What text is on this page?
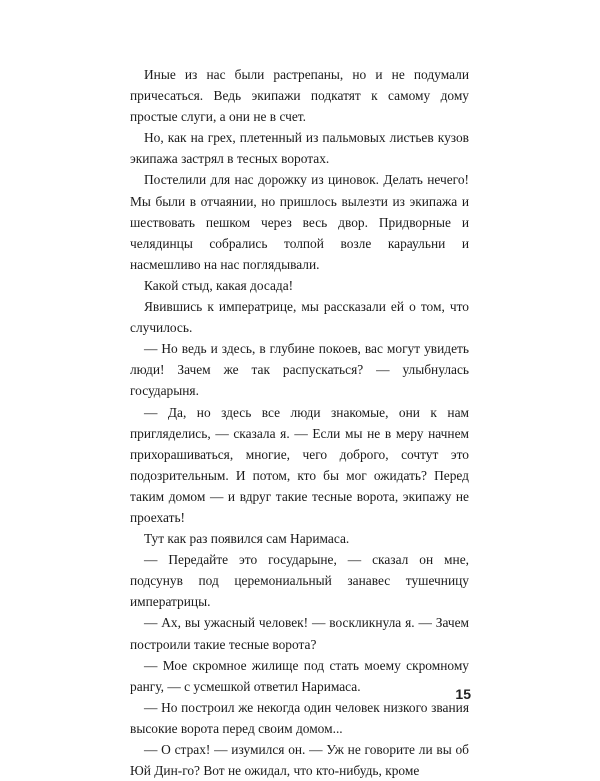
Иные из нас были растрепаны, но и не подумали причесаться. Ведь экипажи подкатят к самому дому простые слуги, а они не в счет.

Но, как на грех, плетенный из пальмовых листьев кузов экипажа застрял в тесных воротах.

Постелили для нас дорожку из циновок. Делать нечего! Мы были в отчаянии, но пришлось вылезти из экипажа и шествовать пешком через весь двор. Придворные и челядинцы собрались толпой возле караульни и насмешливо на нас поглядывали.

Какой стыд, какая досада!

Явившись к императрице, мы рассказали ей о том, что случилось.

— Но ведь и здесь, в глубине покоев, вас могут увидеть люди! Зачем же так распускаться? — улыбнулась государыня.

— Да, но здесь все люди знакомые, они к нам пригляделись, — сказала я. — Если мы не в меру начнем прихорашиваться, многие, чего доброго, сочтут это подозрительным. И потом, кто бы мог ожидать? Перед таким домом — и вдруг такие тесные ворота, экипажу не проехать!

Тут как раз появился сам Наримаса.

— Передайте это государыне, — сказал он мне, подсунув под церемониальный занавес тушечницу императрицы.

— Ах, вы ужасный человек! — воскликнула я. — Зачем построили такие тесные ворота?

— Мое скромное жилище под стать моему скромному рангу, — с усмешкой ответил Наримаса.

— Но построил же некогда один человек низкого звания высокие ворота перед своим домом...

— О страх! — изумился он. — Уж не говорите ли вы об Юй Дин-го? Вот не ожидал, что кто-нибудь, кроме

15
